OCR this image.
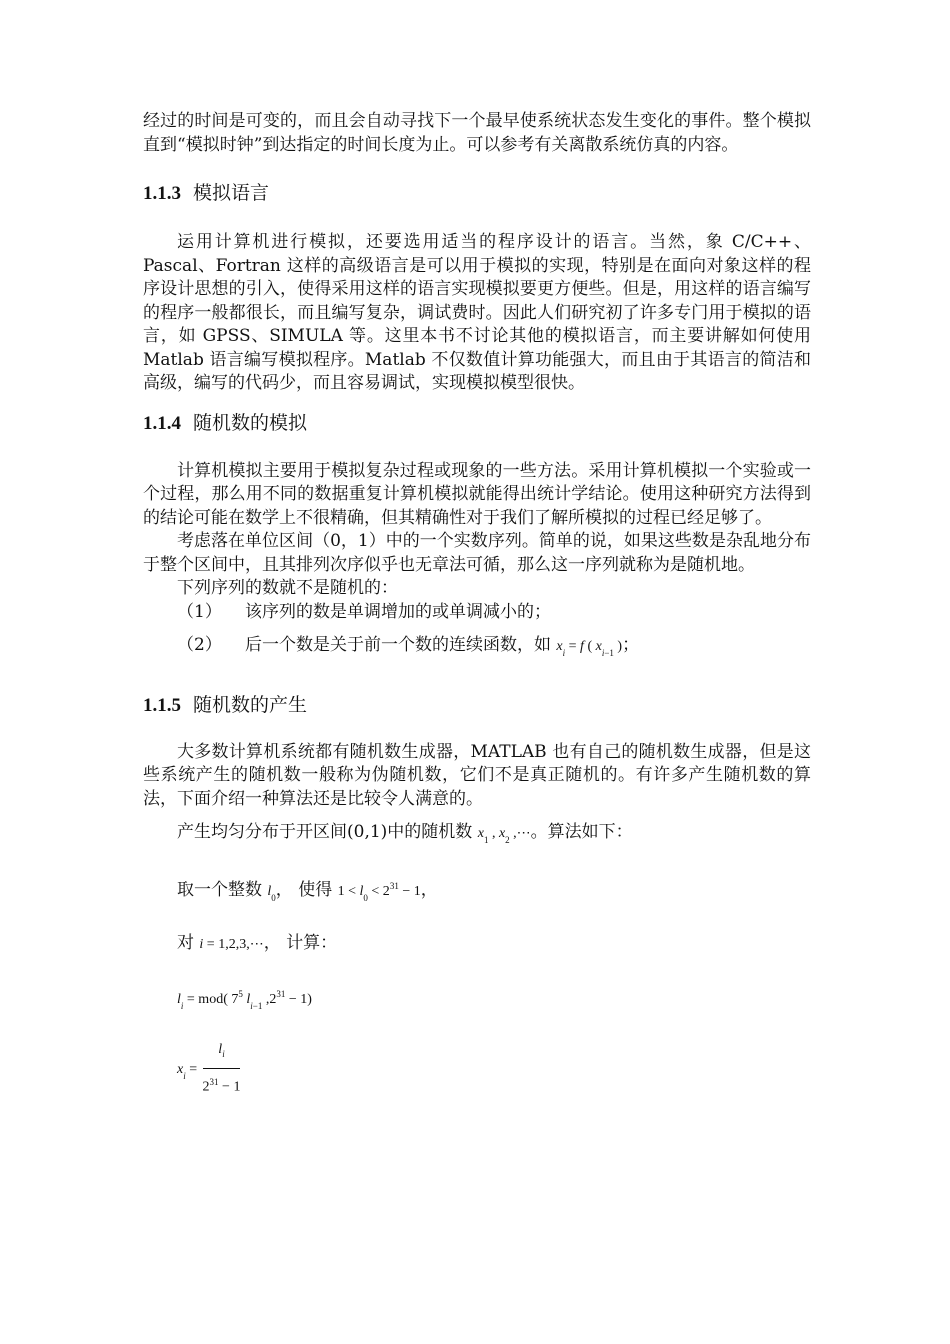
经过的时间是可变的，而且会自动寻找下一个最早使系统状态发生变化的事件。整个模拟直到“模拟时钟”到达指定的时间长度为止。可以参考有关离散系统仿真的内容。

1.1.3 模拟语言

运用计算机进行模拟，还要选用适当的程序设计的语言。当然，象 C/C++、Pascal、Fortran 这样的高级语言是可以用于模拟的实现，特别是在面向对象这样的程序设计思想的引入，使得采用这样的语言实现模拟要更方便些。但是，用这样的语言编写的程序一般都很长，而且编写复杂，调试费时。因此人们研究初了许多专门用于模拟的语言，如 GPSS、SIMULA 等。这里本书不讨论其他的模拟语言，而主要讲解如何使用 Matlab 语言编写模拟程序。Matlab 不仅数值计算功能强大，而且由于其语言的简洁和高级，编写的代码少，而且容易调试，实现模拟模型很快。

1.1.4 随机数的模拟

计算机模拟主要用于模拟复杂过程或现象的一些方法。采用计算机模拟一个实验或一个过程，那么用不同的数据重复计算机模拟就能得出统计学结论。使用这种研究方法得到的结论可能在数学上不很精确，但其精确性对于我们了解所模拟的过程已经足够了。

考虑落在单位区间（0，1）中的一个实数序列。简单的说，如果这些数是杂乱地分布于整个区间中，且其排列次序似乎也无章法可循，那么这一序列就称为是随机地。

下列序列的数就不是随机的：

（1） 该序列的数是单调增加的或单调减小的；
（2） 后一个数是关于前一个数的连续函数，如 $x_i = f$ ( $x_{i-1}$ )；
1.1.5 随机数的产生

大多数计算机系统都有随机数生成器，MATLAB 也有自己的随机数生成器，但是这些系统产生的随机数一般称为伪随机数，它们不是真正随机的。有许多产生随机数的算法，下面介绍一种算法还是比较令人满意的。

产生均匀分布于开区间(0,1)中的随机数 $x_1$ , $x_2$ ,⋯。算法如下：
取一个整数 $l_0$， 使得 $1 < l_0 < 2^{31} - 1$，
对 i = 1,2,3,⋯， 计算：
$l_i = mod$( $7^5$ $l_{i-1}$ $,2^{31} - 1$)
$x_i = \frac{l_i}{2^{31} - 1}$
